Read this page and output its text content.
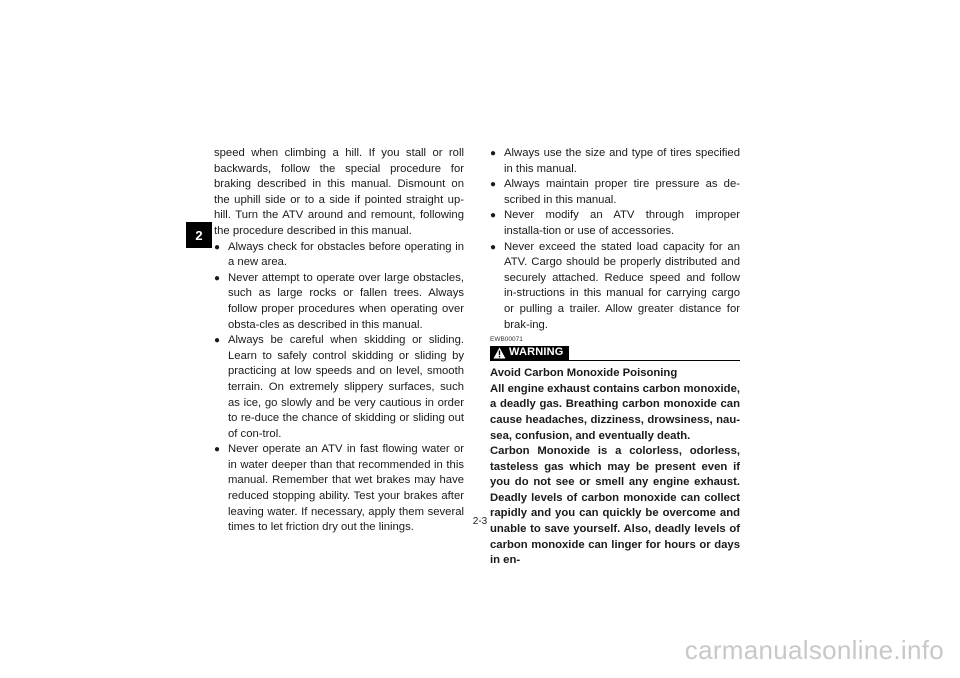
2

speed when climbing a hill. If you stall or roll backwards, follow the special procedure for braking described in this manual. Dismount on the uphill side or to a side if pointed straight up-hill. Turn the ATV around and remount, following the procedure described in this manual.

● Always check for obstacles before operating in a new area.
● Never attempt to operate over large obstacles, such as large rocks or fallen trees. Always follow proper procedures when operating over obsta-cles as described in this manual.
● Always be careful when skidding or sliding. Learn to safely control skidding or sliding by practicing at low speeds and on level, smooth terrain. On extremely slippery surfaces, such as ice, go slowly and be very cautious in order to re-duce the chance of skidding or sliding out of con-trol.
● Never operate an ATV in fast flowing water or in water deeper than that recommended in this manual. Remember that wet brakes may have reduced stopping ability. Test your brakes after leaving water. If necessary, apply them several times to let friction dry out the linings.
● Always use the size and type of tires specified in this manual.
● Always maintain proper tire pressure as de-scribed in this manual.
● Never modify an ATV through improper installa-tion or use of accessories.
● Never exceed the stated load capacity for an ATV. Cargo should be properly distributed and securely attached. Reduce speed and follow in-structions in this manual for carrying cargo or pulling a trailer. Allow greater distance for brak-ing.
EWB00071
WARNING
Avoid Carbon Monoxide Poisoning

All engine exhaust contains carbon monoxide, a deadly gas. Breathing carbon monoxide can cause headaches, dizziness, drowsiness, nau-sea, confusion, and eventually death.

Carbon Monoxide is a colorless, odorless, tasteless gas which may be present even if you do not see or smell any engine exhaust. Deadly levels of carbon monoxide can collect rapidly and you can quickly be overcome and unable to save yourself. Also, deadly levels of carbon monoxide can linger for hours or days in en-

2-3
carmanualsonline.info
